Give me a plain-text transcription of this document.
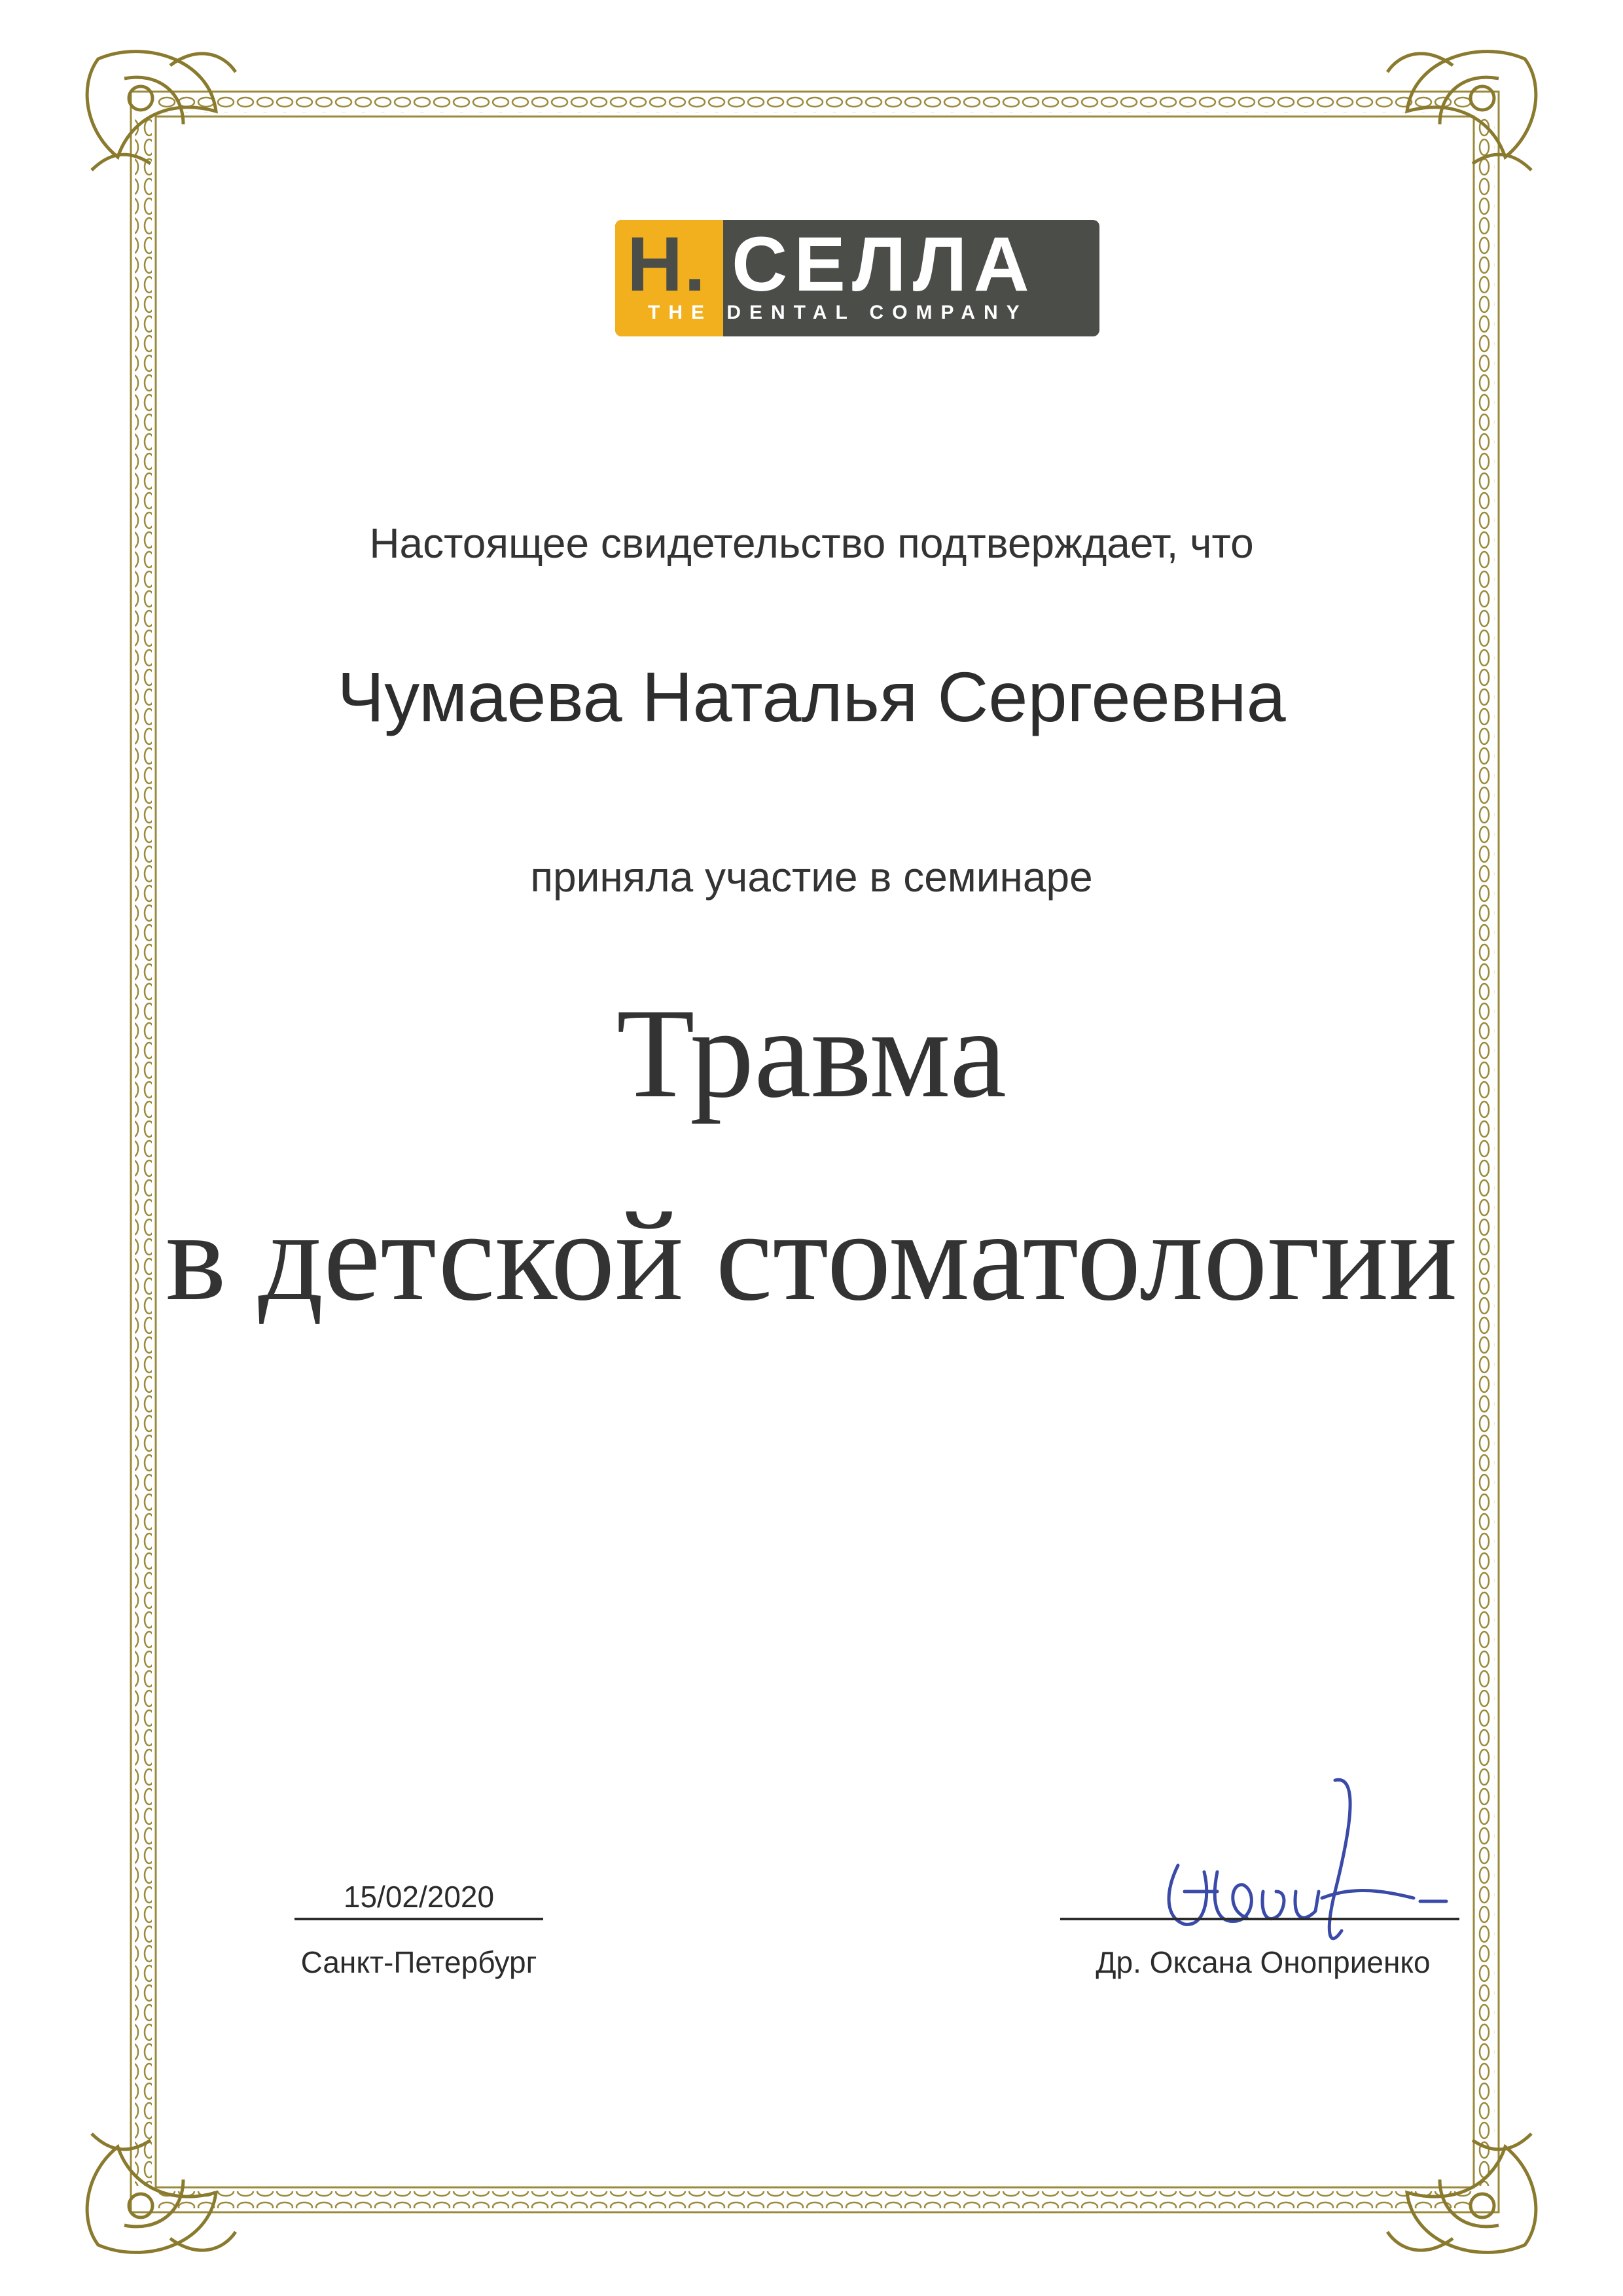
Н. СЕЛЛА
THE DENTAL COMPANY
Настоящее свидетельство подтверждает, что
Чумаева Наталья Сергеевна
приняла участие в семинаре
Травма
в детской стоматологии
15/02/2020
Санкт-Петербург	Др. Оксана Оноприенко
